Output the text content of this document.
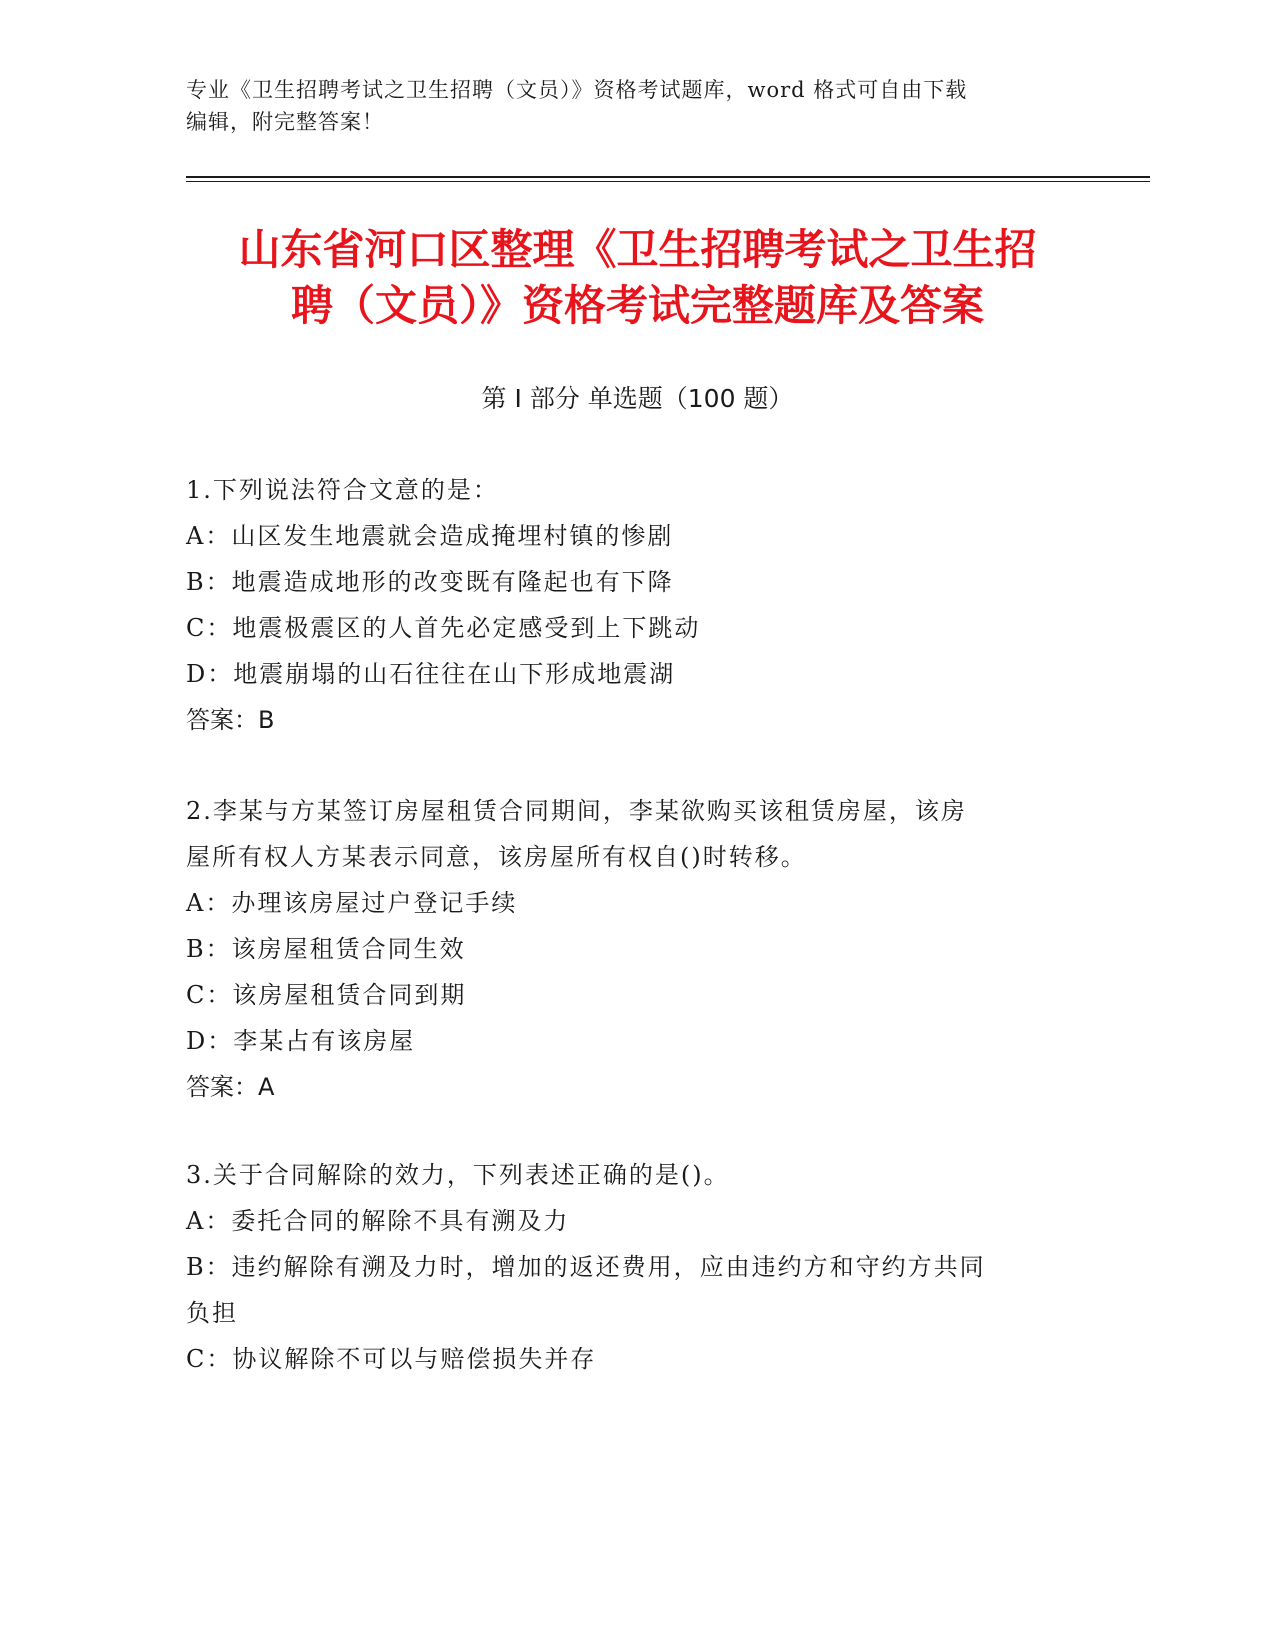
专业《卫生招聘考试之卫生招聘（文员）》资格考试题库，word 格式可自由下载
编辑，附完整答案！
山东省河口区整理《卫生招聘考试之卫生招
聘（文员）》资格考试完整题库及答案
第 I 部分 单选题（100 题）

1.下列说法符合文意的是：

A：山区发生地震就会造成掩埋村镇的惨剧

B：地震造成地形的改变既有隆起也有下降

C：地震极震区的人首先必定感受到上下跳动

D：地震崩塌的山石往往在山下形成地震湖

答案：B

2.李某与方某签订房屋租赁合同期间，李某欲购买该租赁房屋，该房

屋所有权人方某表示同意，该房屋所有权自()时转移。

A：办理该房屋过户登记手续

B：该房屋租赁合同生效

C：该房屋租赁合同到期

D：李某占有该房屋

答案：A

3.关于合同解除的效力，下列表述正确的是()。

A：委托合同的解除不具有溯及力

B：违约解除有溯及力时，增加的返还费用，应由违约方和守约方共同

负担

C：协议解除不可以与赔偿损失并存
